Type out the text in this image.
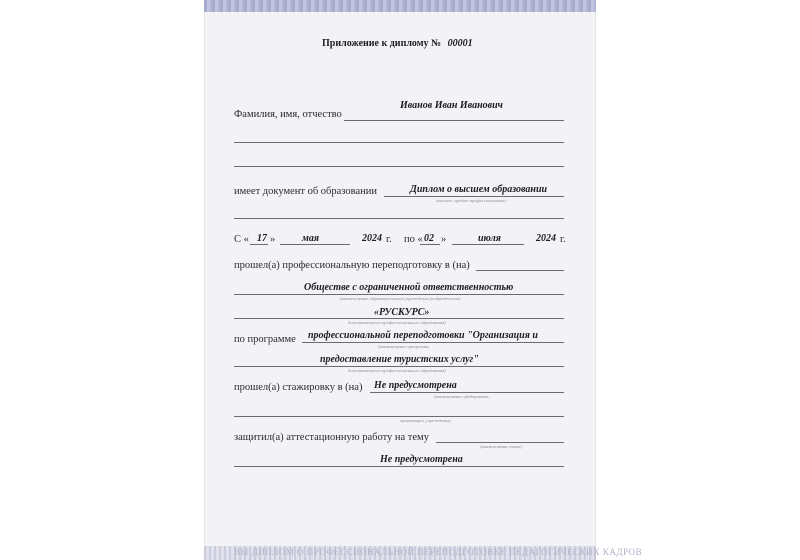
Приложение к диплому № 00001
Иванов Иван Иванович
Фамилия, имя, отчество
Диплом о высшем образовании
имеет документ об образовании
(высшее, среднее профессиональное)
С « 17 »	мая	2024 г. по « 02 »	июля	2024 г.
прошел(а) профессиональную переподготовку в (на)
Обществе с ограниченной ответственностью
(наименование образовательного учреждения (подразделения)
«РУСКУРС»
дополнительного профессионального образования)
по программе профессиональной переподготовки "Организация и
(наименование программы
предоставление туристских услуг"
дополнительного профессионального образования)
прошел(а) стажировку в (на) Не предусмотрена
(наименование предприятия,
организации, учреждения)
защитил(а) аттестационную работу на тему
(наименование темы)
Не предусмотрена
ВЫ ДИПЛОМ О ПРОФЕССИОНАЛЬНОЙ ПЕРЕПОДГОТОВКЕ ПЕДАГОГИЧЕСКИХ КАДРОВ
